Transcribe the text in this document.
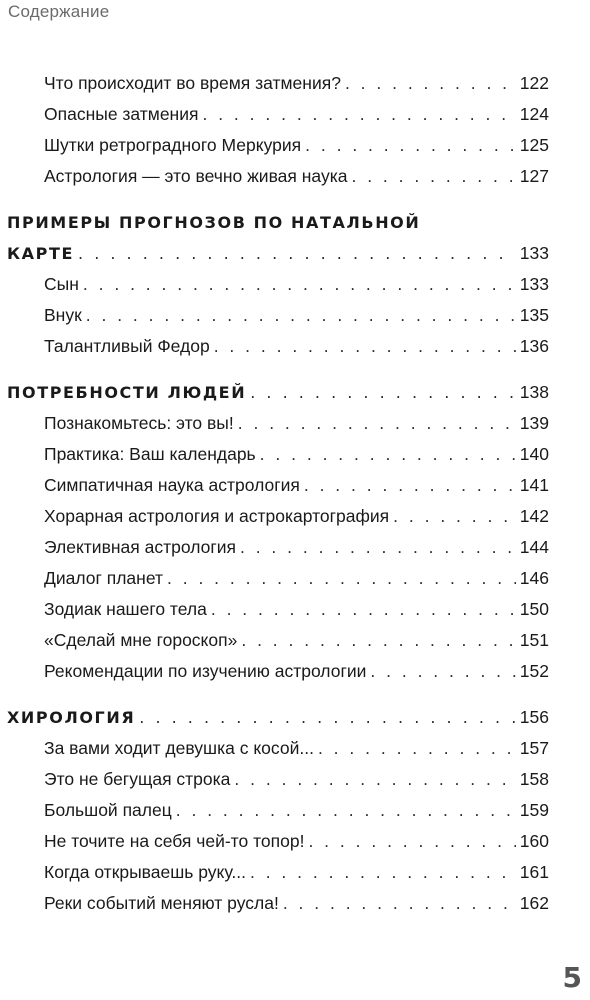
Содержание
Что происходит во время затмения? . . .	122
Опасные затмения . . .	124
Шутки ретроградного Меркурия . . .	125
Астрология — это вечно живая наука . . .	127
ПРИМЕРЫ ПРОГНОЗОВ ПО НАТАЛЬНОЙ
КАРТЕ . . .	133
Сын . . .	133
Внук . . .	135
Талантливый Федор . . .	136
ПОТРЕБНОСТИ ЛЮДЕЙ . . .	138
Познакомьтесь: это вы! . . .	139
Практика: Ваш календарь . . .	140
Симпатичная наука астрология . . .	141
Хорарная астрология и астрокартография . . .	142
Элективная астрология . . .	144
Диалог планет . . .	146
Зодиак нашего тела . . .	150
«Сделай мне гороскоп» . . .	151
Рекомендации по изучению астрологии . . .	152
ХИРОЛОГИЯ . . .	156
За вами ходит девушка с косой... . . .	157
Это не бегущая строка . . .	158
Большой палец . . .	159
Не точите на себя чей-то топор! . . .	160
Когда открываешь руку... . . .	161
Реки событий меняют русла! . . .	162
5
